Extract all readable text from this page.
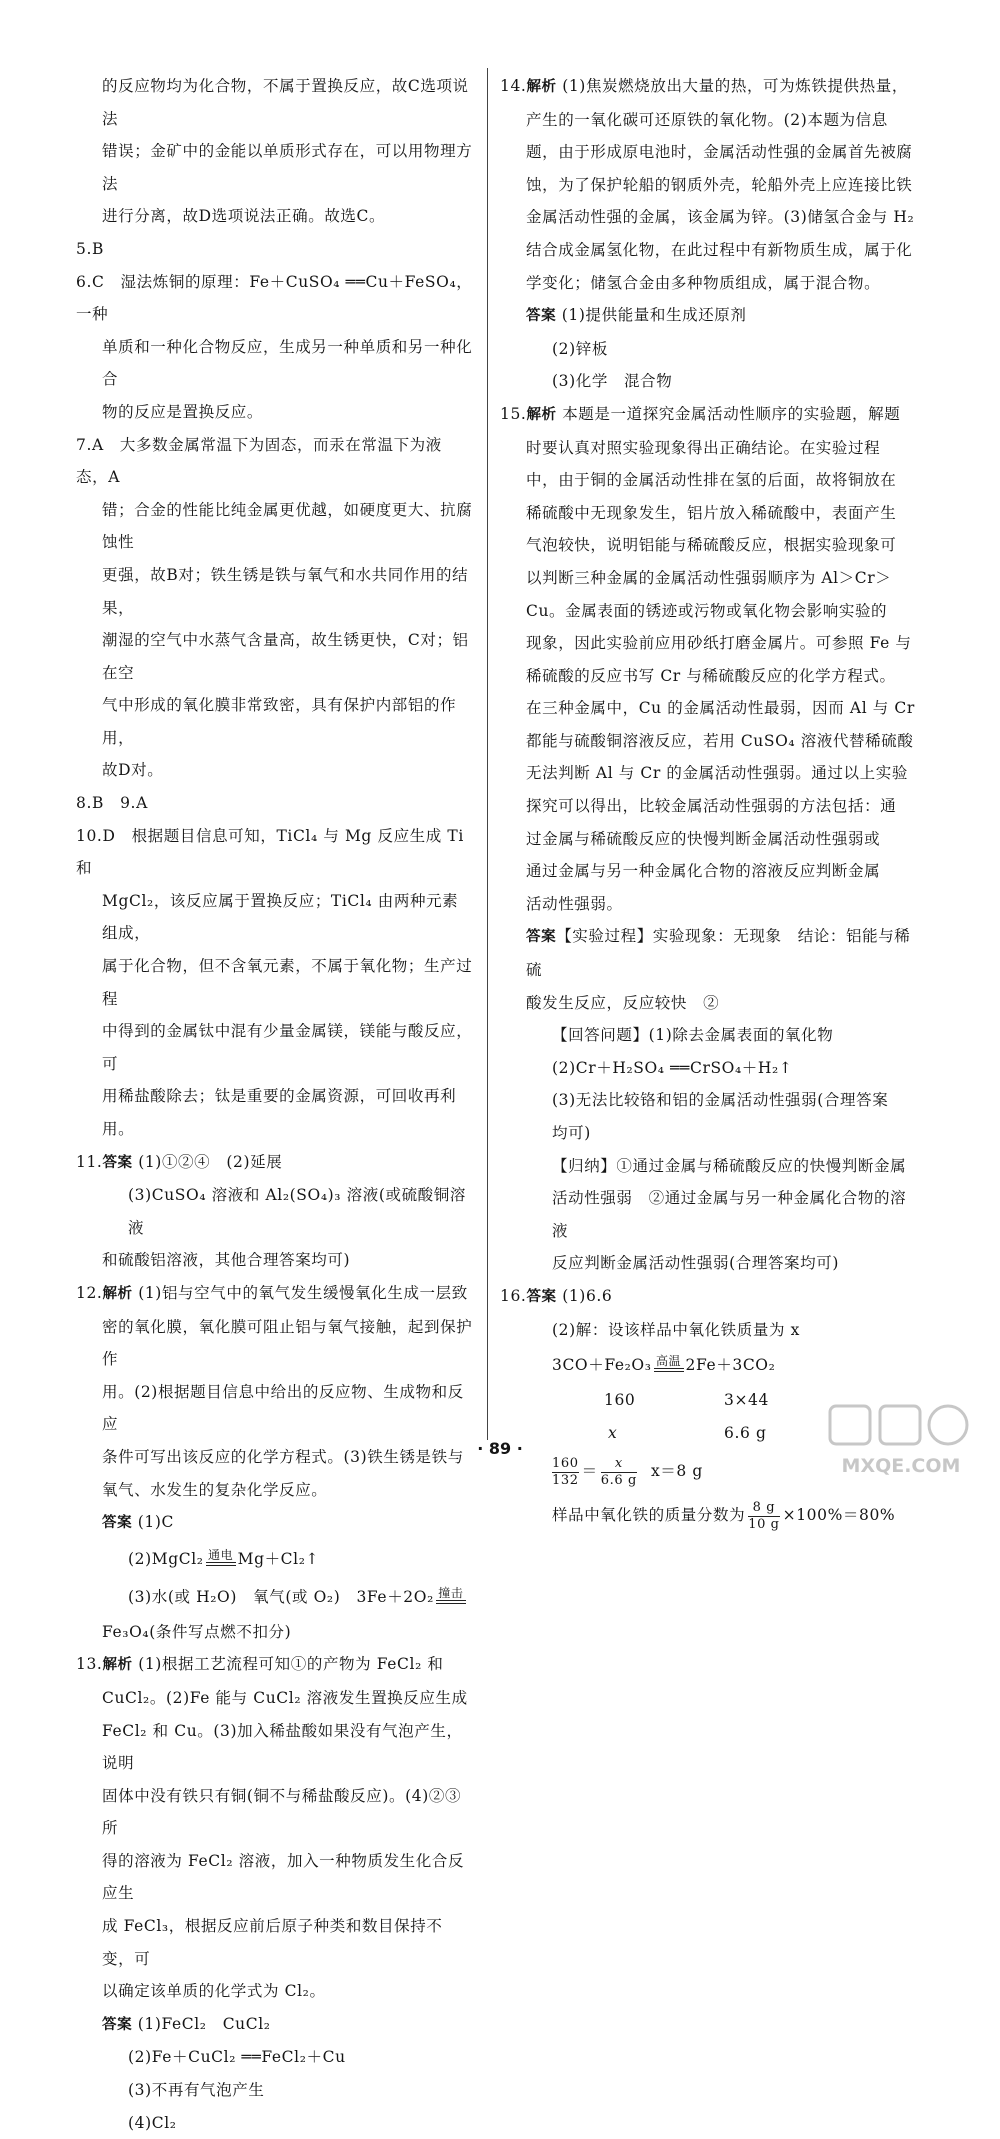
的反应物均为化合物，不属于置换反应，故C选项说法

错误；金矿中的金能以单质形式存在，可以用物理方法

进行分离，故D选项说法正确。故选C。

5.B

6.C　湿法炼铜的原理：Fe＋CuSO₄ ══Cu＋FeSO₄，一种

单质和一种化合物反应，生成另一种单质和另一种化合

物的反应是置换反应。

7.A　大多数金属常温下为固态，而汞在常温下为液态，A

错；合金的性能比纯金属更优越，如硬度更大、抗腐蚀性

更强，故B对；铁生锈是铁与氧气和水共同作用的结果，

潮湿的空气中水蒸气含量高，故生锈更快，C对；铝在空

气中形成的氧化膜非常致密，具有保护内部铝的作用，

故D对。

8.B　9.A

10.D　根据题目信息可知，TiCl₄ 与 Mg 反应生成 Ti 和

MgCl₂，该反应属于置换反应；TiCl₄ 由两种元素组成，

属于化合物，但不含氧元素，不属于氧化物；生产过程

中得到的金属钛中混有少量金属镁，镁能与酸反应，可

用稀盐酸除去；钛是重要的金属资源，可回收再利用。

11.答案 (1)①②④　(2)延展

(3)CuSO₄ 溶液和 Al₂(SO₄)₃ 溶液(或硫酸铜溶液

和硫酸铝溶液，其他合理答案均可)

12.解析 (1)铝与空气中的氧气发生缓慢氧化生成一层致

密的氧化膜，氧化膜可阻止铝与氧气接触，起到保护作

用。(2)根据题目信息中给出的反应物、生成物和反应

条件可写出该反应的化学方程式。(3)铁生锈是铁与

氧气、水发生的复杂化学反应。

答案 (1)C

(2)MgCl₂ 通电 Mg＋Cl₂↑

(3)水(或 H₂O)　氧气(或 O₂)　3Fe＋2O₂ 撞击

Fe₃O₄(条件写点燃不扣分)

13.解析 (1)根据工艺流程可知①的产物为 FeCl₂ 和

CuCl₂。(2)Fe 能与 CuCl₂ 溶液发生置换反应生成

FeCl₂ 和 Cu。(3)加入稀盐酸如果没有气泡产生，说明

固体中没有铁只有铜(铜不与稀盐酸反应)。(4)②③所

得的溶液为 FeCl₂ 溶液，加入一种物质发生化合反应生

成 FeCl₃，根据反应前后原子种类和数目保持不变，可

以确定该单质的化学式为 Cl₂。

答案 (1)FeCl₂　CuCl₂

(2)Fe＋CuCl₂ ══FeCl₂＋Cu

(3)不再有气泡产生

(4)Cl₂

14.解析 (1)焦炭燃烧放出大量的热，可为炼铁提供热量，

产生的一氧化碳可还原铁的氧化物。(2)本题为信息

题，由于形成原电池时，金属活动性强的金属首先被腐

蚀，为了保护轮船的钢质外壳，轮船外壳上应连接比铁

金属活动性强的金属，该金属为锌。(3)储氢合金与 H₂

结合成金属氢化物，在此过程中有新物质生成，属于化

学变化；储氢合金由多种物质组成，属于混合物。

答案 (1)提供能量和生成还原剂

(2)锌板

(3)化学　混合物

15.解析 本题是一道探究金属活动性顺序的实验题，解题

时要认真对照实验现象得出正确结论。在实验过程

中，由于铜的金属活动性排在氢的后面，故将铜放在

稀硫酸中无现象发生，铝片放入稀硫酸中，表面产生

气泡较快，说明铝能与稀硫酸反应，根据实验现象可

以判断三种金属的金属活动性强弱顺序为 Al＞Cr＞

Cu。金属表面的锈迹或污物或氧化物会影响实验的

现象，因此实验前应用砂纸打磨金属片。可参照 Fe 与

稀硫酸的反应书写 Cr 与稀硫酸反应的化学方程式。

在三种金属中，Cu 的金属活动性最弱，因而 Al 与 Cr

都能与硫酸铜溶液反应，若用 CuSO₄ 溶液代替稀硫酸

无法判断 Al 与 Cr 的金属活动性强弱。通过以上实验

探究可以得出，比较金属活动性强弱的方法包括：通

过金属与稀硫酸反应的快慢判断金属活动性强弱或

通过金属与另一种金属化合物的溶液反应判断金属

活动性强弱。

答案【实验过程】实验现象：无现象　结论：铝能与稀硫

酸发生反应，反应较快　②

【回答问题】(1)除去金属表面的氧化物

(2)Cr＋H₂SO₄ ══CrSO₄＋H₂↑

(3)无法比较铬和铝的金属活动性强弱(合理答案

均可)

【归纳】①通过金属与稀硫酸反应的快慢判断金属

活动性强弱　②通过金属与另一种金属化合物的溶液

反应判断金属活动性强弱(合理答案均可)

16.答案 (1)6.6

(2)解：设该样品中氧化铁质量为 x

3CO＋Fe₂O₃ 高温 2Fe＋3CO₂

160	3×44
x	6.6 g

$\frac{160}{132} = \frac{x}{6.6 g} x=8$ g

样品中氧化铁的质量分数为 $\frac{8 g}{10 g} \times 100\%=80\%$

· 89 ·
MXQE.COM
